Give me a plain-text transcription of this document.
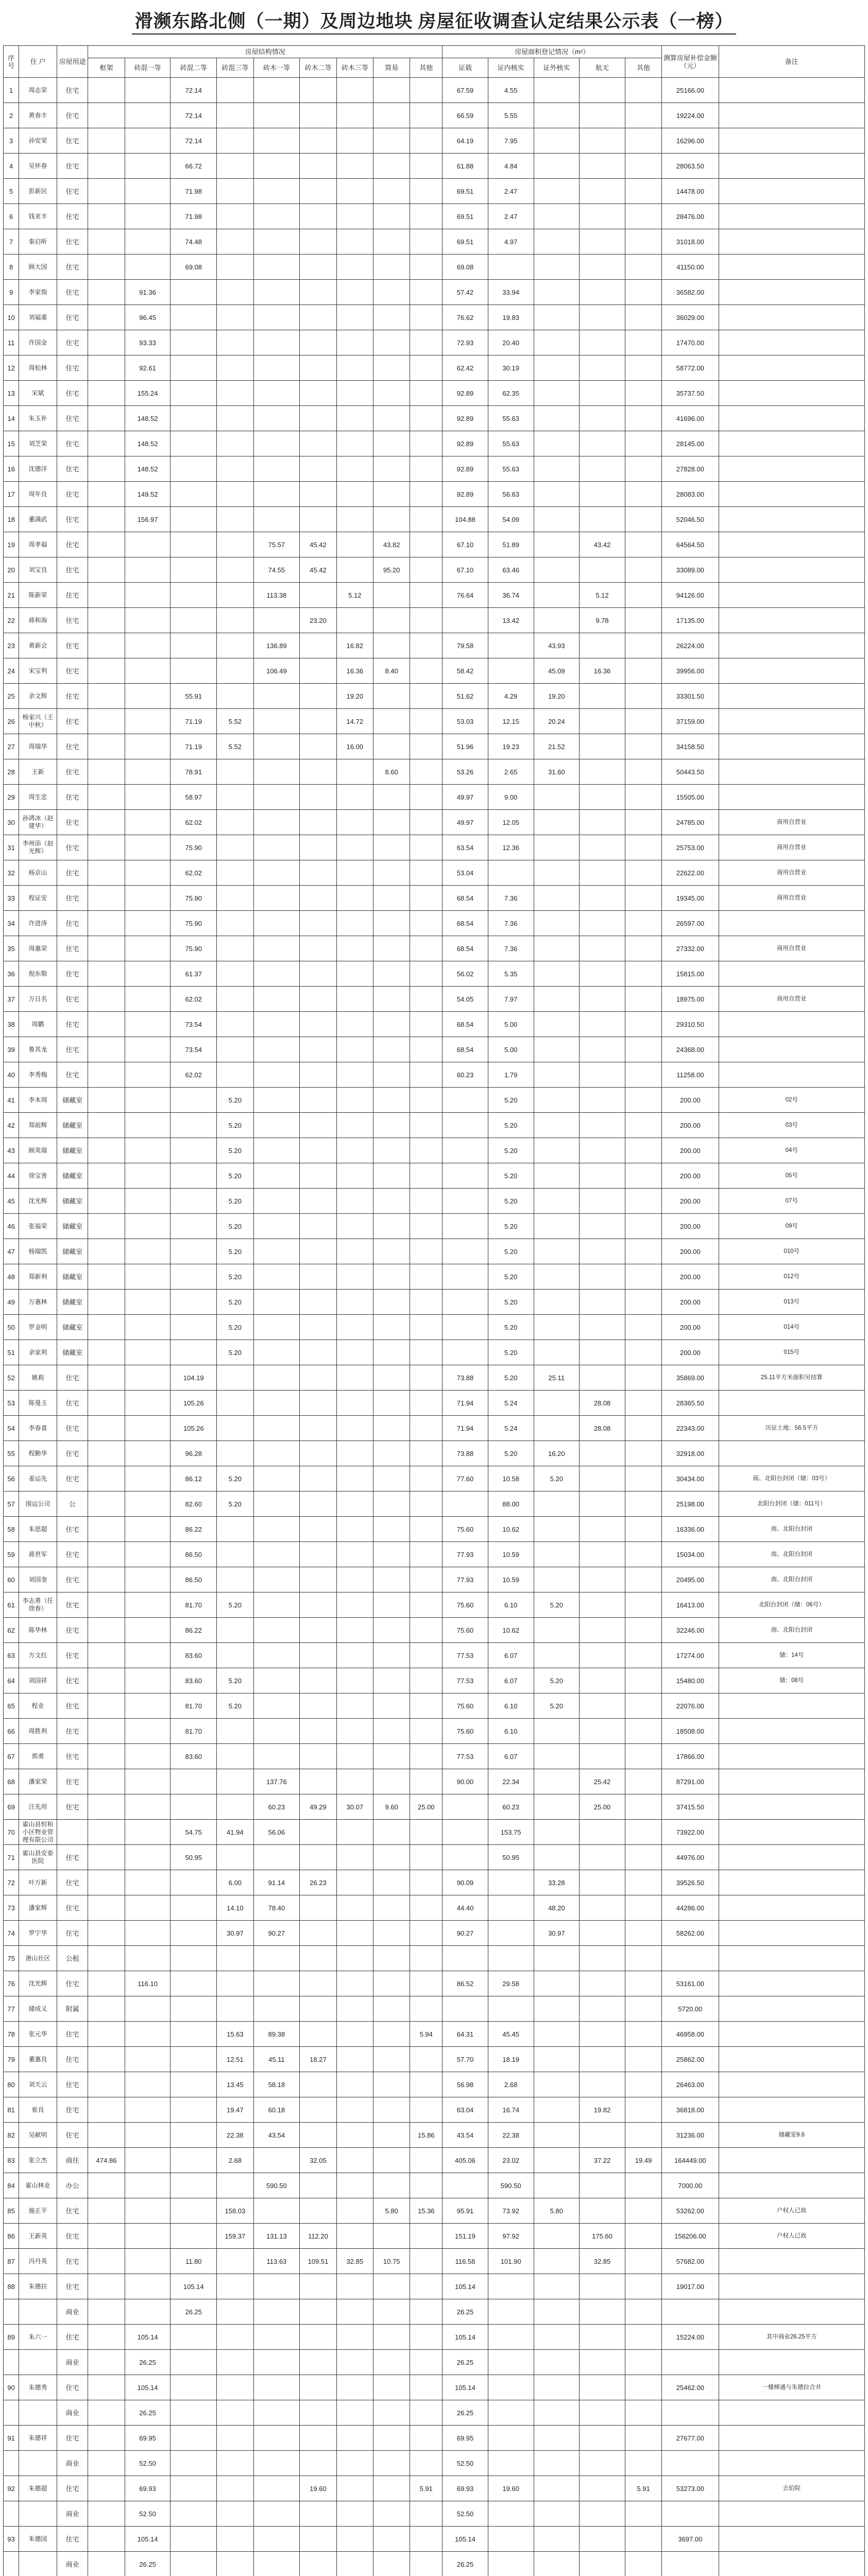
滑濒东路北侧（一期）及周边地块 房屋征收调查认定结果公示表（一榜）
序号	住 户	房屋用途	房屋结构情况									房屋面积登记情况（m²）					测算房屋补偿金额（元）	备注
			框架	砖混一等	砖混二等	砖混三等	砖木一等	砖木二等	砖木三等	简易	其他	证载	证内核实	证外核实	航无	其他		
1	周志荣	住宅			72.14							67.59	4.55				25166.00	
2	黄春丰	住宅			72.14							66.59	5.55				19224.00	
3	孙安荣	住宅			72.14							64.19	7.95				16296.00	
4	吴怀春	住宅			66.72							61.88	4.84				28063.50	
5	彭新民	住宅			71.98							69.51	2.47				14478.00	
6	钱亚丰	住宅			71.98							69.51	2.47				28476.00	
7	秦启昕	住宅			74.48							69.51	4.97				31018.00	
8	顾大国	住宅			69.08							69.08					41150.00	
9	李家俊	住宅		91.36								57.42	33.94				36582.00	
10	刘福重	住宅		96.45								76.62	19.83				36029.00	
11	许国金	住宅		93.33								72.93	20.40				17470.00	
12	周松林	住宅		92.61								62.42	30.19				58772.00	
13	宋斌	住宅		155.24								92.89	62.35				35737.50	
14	朱玉补	住宅		148.52								92.89	55.63				41696.00	
15	刘芝荣	住宅		148.52								92.89	55.63				28145.00	
16	沈德洋	住宅		148.52								92.89	55.63				27828.00	
17	周年良	住宅		149.52								92.89	56.63				28083.00	
18	董满武	住宅		156.97								104.88	54.09				52046.50	
19	周孝福	住宅					75.57	45.42		43.82		67.10	51.89		43.42		64564.50	
20	刘宝良	住宅					74.55	45.42		95.20		67.10	63.46				33089.00	
21	陈新荣	住宅					113.38		5.12			76.64	36.74		5.12		94126.00	
22	蒋和海	住宅						23.20					13.42		9.78		17135.00	
23	黄新会	住宅					136.89		16.82			79.58		43.93			26224.00	
24	宋宝利	住宅					106.49		16.36	8.40		58.42		45.09	16.36		39956.00	
25	余文辉	住宅			55.91				19.20			51.62	4.29	19.20			33301.50	
26	杨家兴（王中秋）	住宅			71.19	5.52			14.72			53.03	12.15	20.24			37159.00	
27	周瑞华	住宅			71.19	5.52			16.00			51.96	19.23	21.52			34158.50	
28	王新	住宅			78.91					8.60		53.26	2.65	31.60			50443.50	
29	周生忠	住宅			58.97							49.97	9.00				15505.00	
30	孙鸿冰（赵建华）	住宅			62.02							49.97	12.05				24785.00	商用自营业
31	李州添（赵光辉）	住宅			75.90							63.54	12.36				25753.00	商用自营业
32	杨京山	住宅			62.02							53.04					22622.00	商用自营业
33	程证安	住宅			75.90							68.54	7.36				19345.00	商用自营业
34	许进涛	住宅			75.90							68.54	7.36				26597.00	
35	周惠荣	住宅			75.90							68.54	7.36				27332.00	商用自营业
36	倪东敬	住宅			61.37							56.02	5.35				15815.00	
37	万日名	住宅			62.02							54.05	7.97				18975.00	商用自营业
38	周鹏	住宅			73.54							68.54	5.00				29310.50	
39	鲁其龙	住宅			73.54							68.54	5.00				24368.00	
40	李秀梅	住宅			62.02							60.23	1.79				11258.00	
41	李本周	储藏室				5.20							5.20				200.00	02号
42	郑前辉	储藏室				5.20							5.20				200.00	03号
43	顾英瑞	储藏室				5.20							5.20				200.00	04号
44	徐宝善	储藏室				5.20							5.20				200.00	05号
45	沈光辉	储藏室				5.20							5.20				200.00	07号
46	张福荣	储藏室				5.20							5.20				200.00	09号
47	杨瑞凯	储藏室				5.20							5.20				200.00	010号
48	郑新利	储藏室				5.20							5.20				200.00	012号
49	万惠林	储藏室				5.20							5.20				200.00	013号
50	罗金明	储藏室				5.20							5.20				200.00	014号
51	余家利	储藏室				5.20							5.20				200.00	015号
52	姚莉	住宅			104.19							73.88	5.20	25.11			35869.00	25.11平方米面积另结算
53	陈曼玉	住宅			105.26							71.94	5.24		28.08		28365.50	
54	李春喜	住宅			105.26							71.94	5.24		28.08		22343.00	历证土地：56.5平方
55	程勤华	住宅			96.28							73.88	5.20	16.20			32918.00	
56	姜运先	住宅			86.12	5.20						77.60	10.58	5.20			30434.00	商、北阳台封闭（储：03号）
57	围运公司	公			82.60	5.20							88.00				25198.00	北阳台封闭（储：011号）
58	朱思超	住宅			86.22							75.60	10.62				16336.00	南、北阳台封闭
59	蒋世军	住宅			86.50							77.93	10.59				15034.00	南、北阳台封闭
60	刘国奎	住宅			86.50							77.93	10.59				20495.00	南、北阳台封闭
61	李志勇（任徐春）	住宅			81.70	5.20						75.60	6.10	5.20			16413.00	北阳台封闭（储：06号）
62	陈华林	住宅			86.22							75.60	10.62				32246.00	南、北阳台封闭
63	方文红	住宅			83.60							77.53	6.07				17274.00	储：14号
64	刘国祥	住宅			83.60	5.20						77.53	6.07	5.20			15480.00	储：08号
65	程业	住宅			81.70	5.20						75.60	6.10	5.20			22076.00	
66	周胜利	住宅			81.70							75.60	6.10				18508.00	
67	郭勇	住宅			83.60							77.53	6.07				17866.00	
68	潘家荣	住宅					137.76					90.00	22.34		25.42		87291.00	
69	汪先用	住宅					60.23	49.29	30.07	9.60	25.00		60.23		25.00		37415.50	
70	霍山县恒和小区物业管理有限公司				54.75	41.94	56.06						153.75				73922.00	
71	霍山县安泰医院	住宅			50.95								50.95				44976.00	
72	叶万新	住宅				6.00	91.14	26.23				90.09		33.28			39526.50	
73	潘家辉	住宅				14.10	78.40					44.40		48.20			44286.00	
74	罗宁华	住宅				30.97	90.27					90.27		30.97			58262.00	
75	港山社区	公租																
76	沈光辉	住宅		116.10								86.52	29.58				53161.00	
77	储成义	附属															5720.00	
78	张元华	住宅				15.63	89.38				5.94	64.31	45.45				46958.00	
79	董惠良	住宅				12.51	45.11	18.27				57.70	18.19				25862.00	
80	刘天云	住宅				13.45	58.18					56.98	2.68				26463.00	
81	崔良	住宅				19.47	60.18					63.04	16.74		19.82		36818.00	
82	吴献明	住宅				22.38	43.54				15.86	43.54	22.38				31236.00	储藏室9.6
83	张立杰	商住	474.86			2.68		32.05				405.06	23.02		37.22	19.49	164449.00	
84	霍山林业	办公					590.50						590.50				7000.00	
85	施正平	住宅				158.03				5.80	15.36	95.91	73.92	5.80			53262.00	户权人已故
86	王新英	住宅				159.37	131.13	112.20				151.19	97.92		175.60		156206.00	户权人已故
87	冯丹英	住宅			11.80		113.63	109.51	32.85	10.75		116.58	101.90		32.85		57682.00	
88	朱德拉	住宅			105.14							105.14					19017.00	
		商业			26.25							26.25						
89	朱六一	住宅		105.14								105.14					15224.00	其中商业26.25平方
		商业		26.25								26.25						
90	朱德秀	住宅		105.14								105.14					25462.00	一楼梯通与朱德拉合并
		商业		26.25								26.25						
91	朱德祥	住宅		69.95								69.95					27677.00	
		商业		52.50								52.50						
92	朱德超	住宅		69.93				19.60			5.91	69.93	19.60			5.91	53273.00	去伯院
		商业		52.50								52.50						
93	朱德国	住宅		105.14								105.14					3697.00	
		商业		26.25								26.25						
